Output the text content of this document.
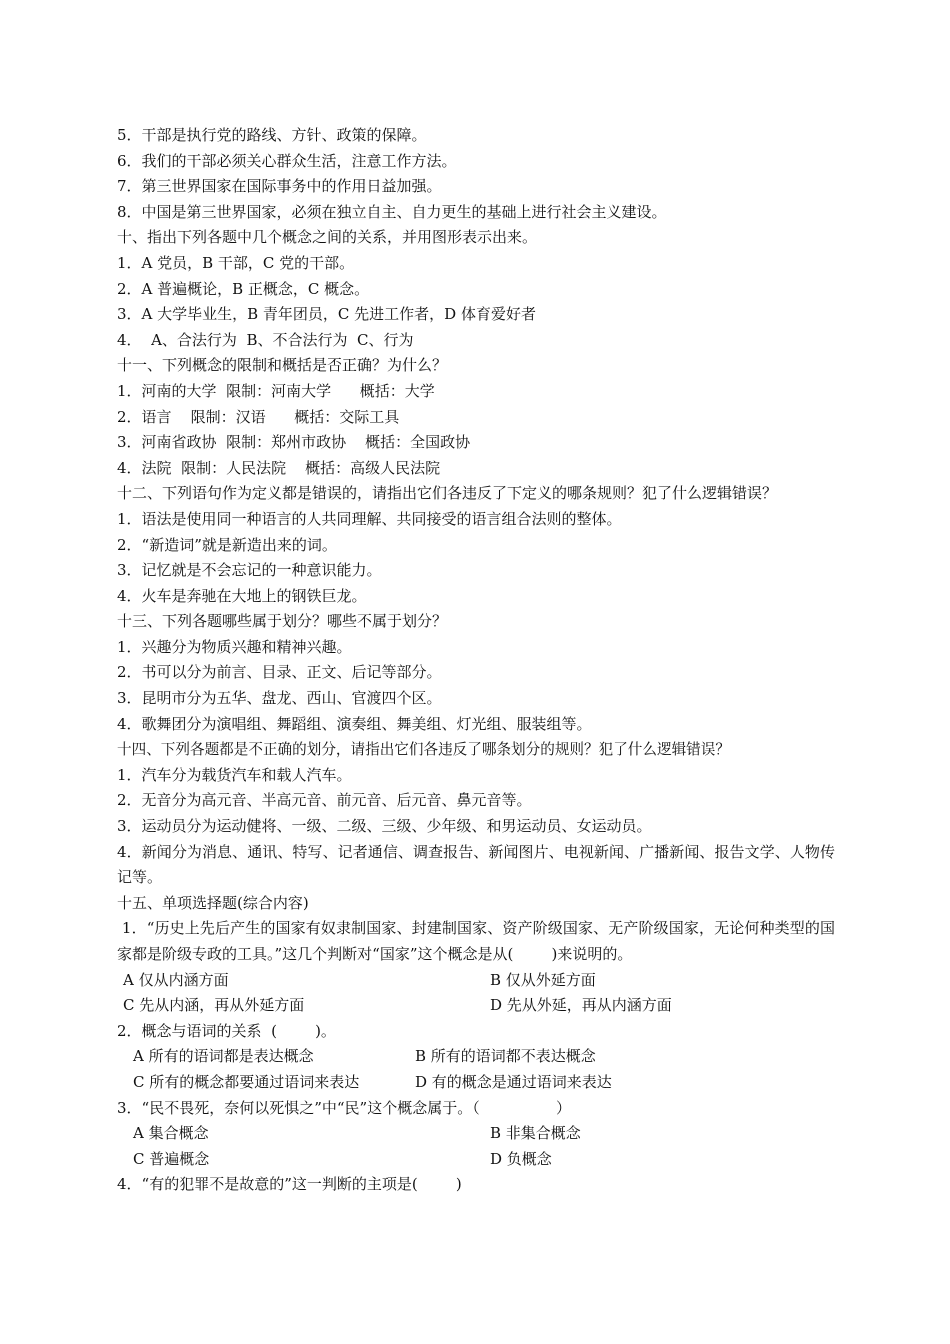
5．干部是执行党的路线、方针、政策的保障。
6．我们的干部必须关心群众生活，注意工作方法。
7．第三世界国家在国际事务中的作用日益加强。
8．中国是第三世界国家，必须在独立自主、自力更生的基础上进行社会主义建设。
十、指出下列各题中几个概念之间的关系，并用图形表示出来。
1．A 党员，B 干部，C 党的干部。
2．A 普遍概论，B 正概念，C 概念。
3．A 大学毕业生，B 青年团员，C 先进工作者，D 体育爱好者
4．  A、合法行为  B、不合法行为  C、行为
十一、下列概念的限制和概括是否正确？为什么？
1．河南的大学  限制：河南大学      概括：大学
2．语言    限制：汉语      概括：交际工具
3．河南省政协  限制：郑州市政协    概括：全国政协
4．法院  限制：人民法院    概括：高级人民法院
十二、下列语句作为定义都是错误的，请指出它们各违反了下定义的哪条规则？犯了什么逻辑错误？
1．语法是使用同一种语言的人共同理解、共同接受的语言组合法则的整体。
2．“新造词”就是新造出来的词。
3．记忆就是不会忘记的一种意识能力。
4．火车是奔驰在大地上的钢铁巨龙。
十三、下列各题哪些属于划分？哪些不属于划分？
1．兴趣分为物质兴趣和精神兴趣。
2．书可以分为前言、目录、正文、后记等部分。
3．昆明市分为五华、盘龙、西山、官渡四个区。
4．歌舞团分为演唱组、舞蹈组、演奏组、舞美组、灯光组、服装组等。
十四、下列各题都是不正确的划分，请指出它们各违反了哪条划分的规则？犯了什么逻辑错误？
1．汽车分为载货汽车和载人汽车。
2．无音分为高元音、半高元音、前元音、后元音、鼻元音等。
3．运动员分为运动健将、一级、二级、三级、少年级、和男运动员、女运动员。
4．新闻分为消息、通讯、特写、记者通信、调查报告、新闻图片、电视新闻、广播新闻、报告文学、人物传记等。
十五、单项选择题(综合内容)
1．“历史上先后产生的国家有奴隶制国家、封建制国家、资产阶级国家、无产阶级国家，无论何种类型的国家都是阶级专政的工具。”这几个判断对“国家”这个概念是从(        )来说明的。
A 仅从内涵方面	B 仅从外延方面
C 先从内涵，再从外延方面	D 先从外延，再从内涵方面
2．概念与语词的关系  (        )。
A 所有的语词都是表达概念	B 所有的语词都不表达概念
C 所有的概念都要通过语词来表达	D 有的概念是通过语词来表达
3．“民不畏死，奈何以死惧之”中“民”这个概念属于。（                ）
A 集合概念	B 非集合概念
C 普遍概念	D 负概念
4．“有的犯罪不是故意的”这一判断的主项是(        )
